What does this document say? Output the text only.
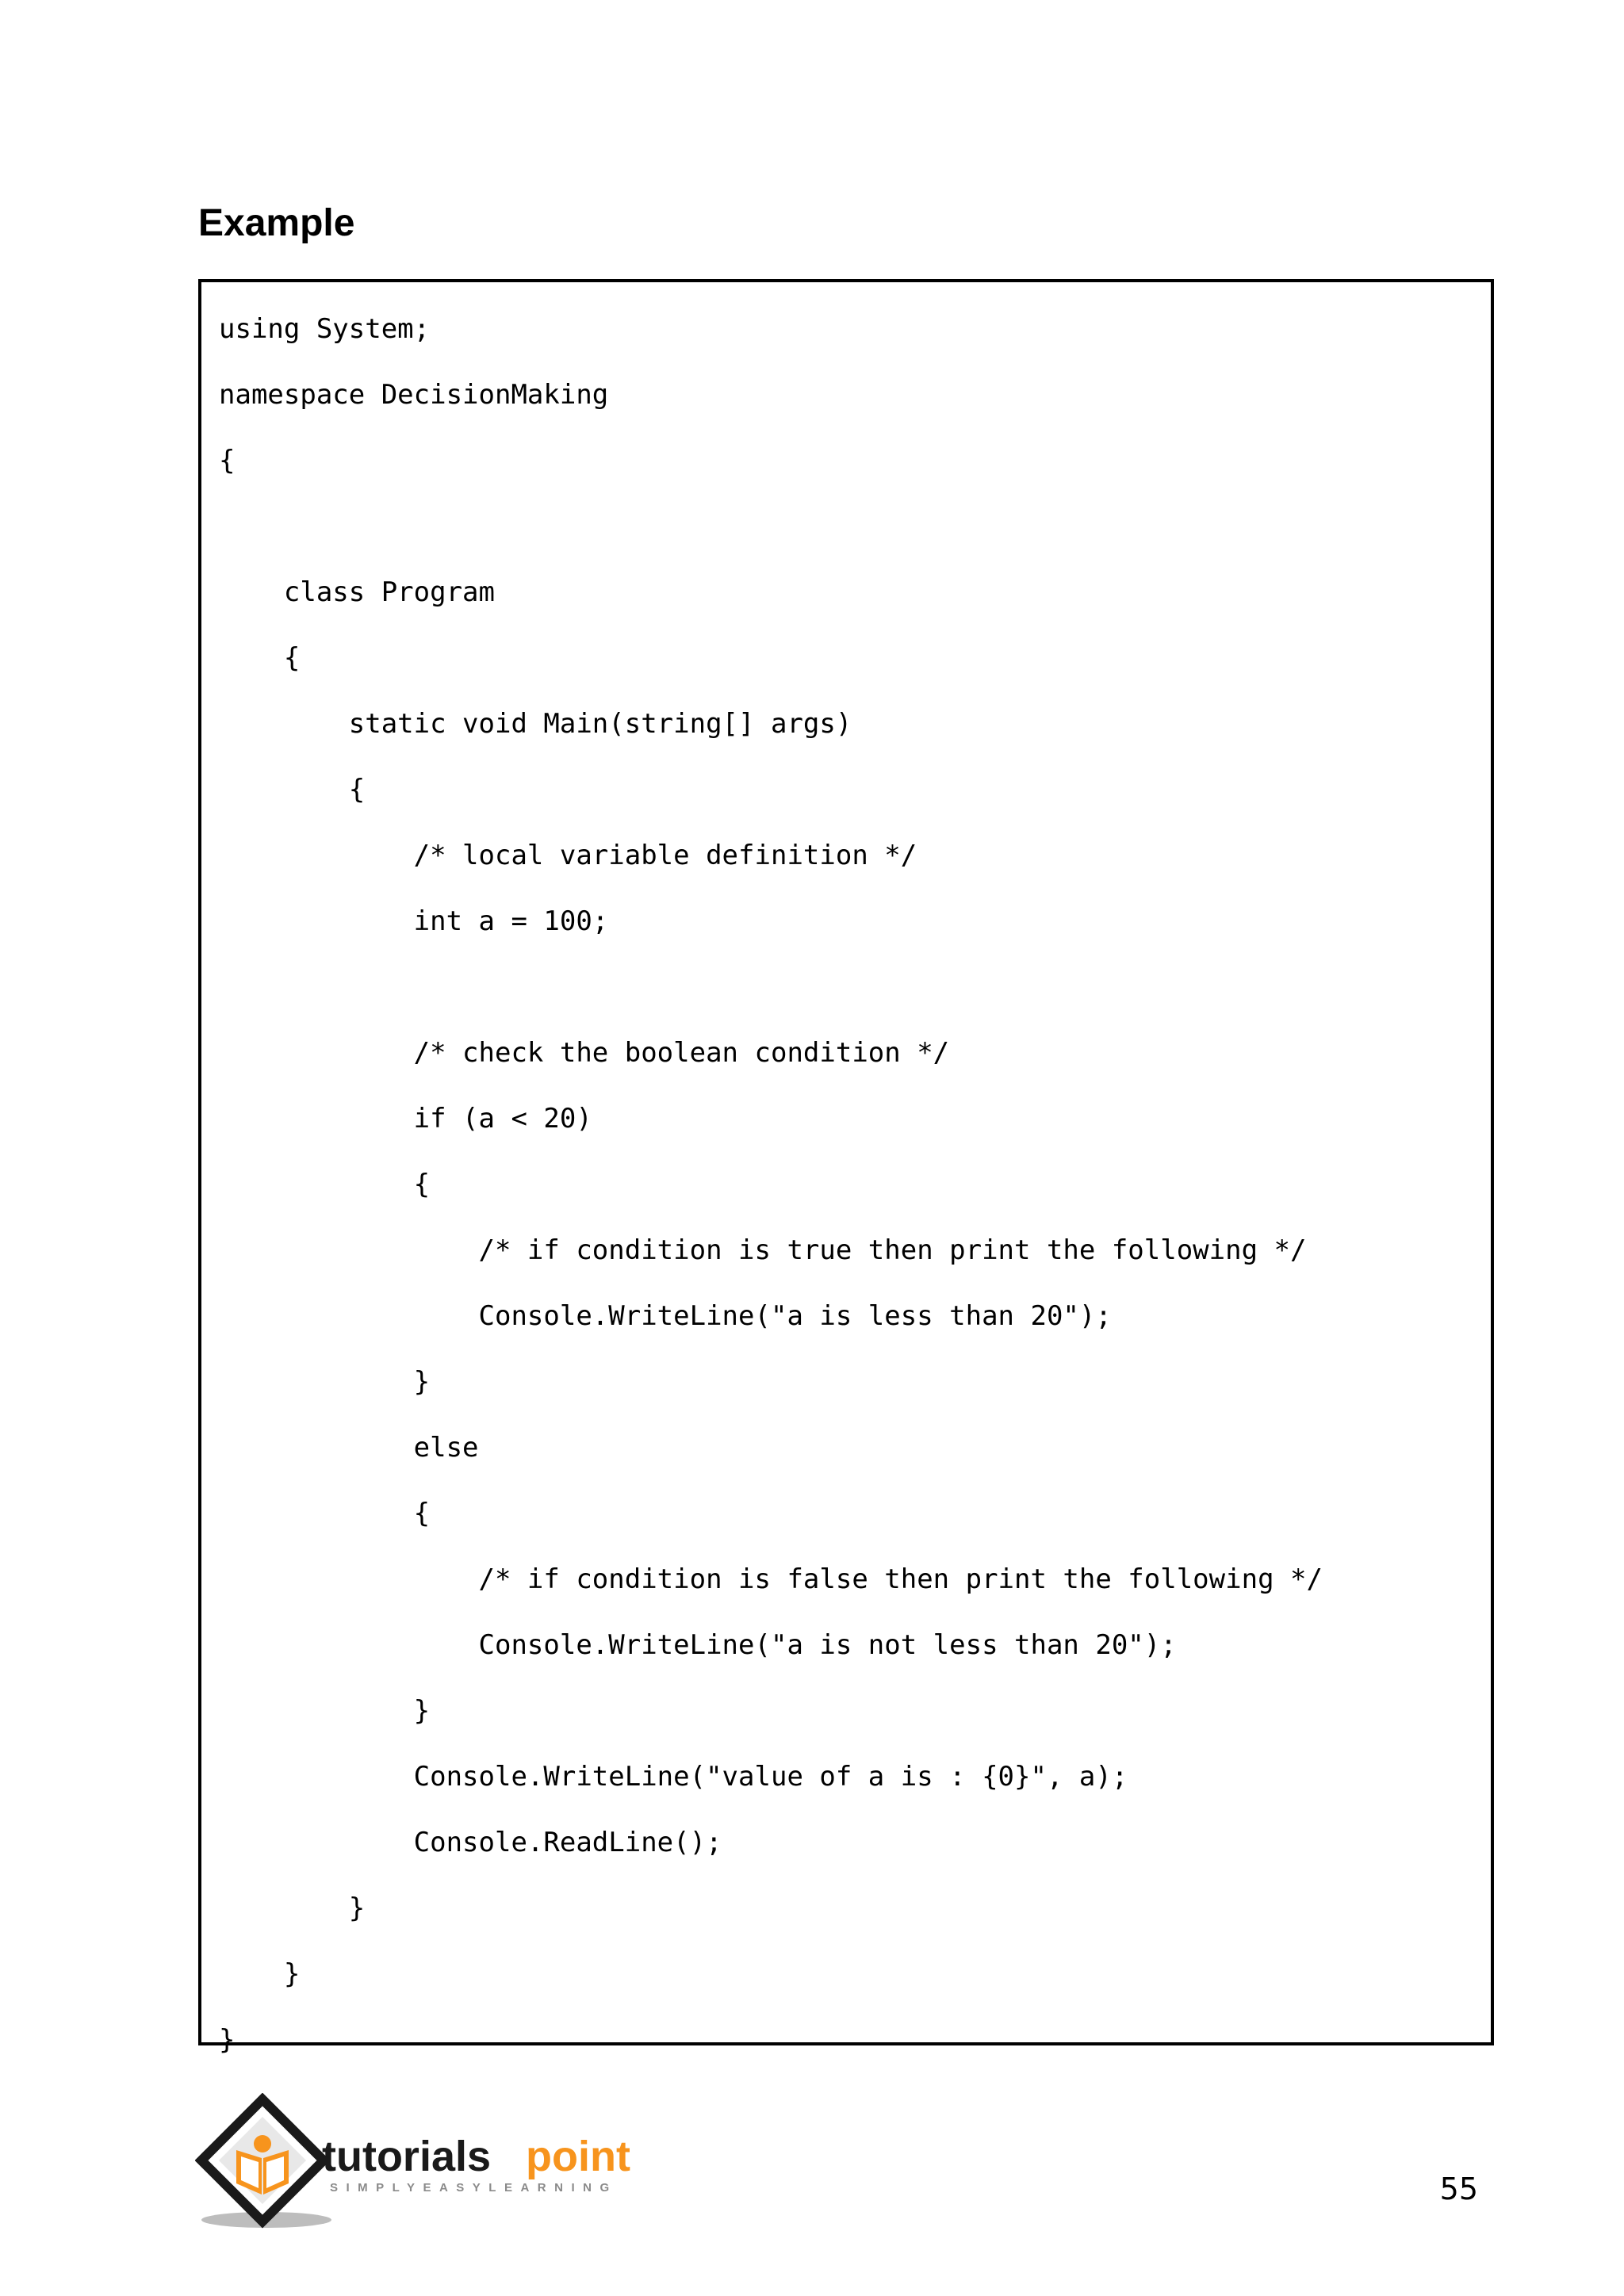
Example
using System;
namespace DecisionMaking
{
class Program
{
static void Main(string[] args)
{
/* local variable definition */
int a = 100;
/* check the boolean condition */
if (a < 20)
{
/* if condition is true then print the following */
Console.WriteLine("a is less than 20");
}
else
{
/* if condition is false then print the following */
Console.WriteLine("a is not less than 20");
}
Console.WriteLine("value of a is : {0}", a);
Console.ReadLine();
}
}
}
tutorials point
SIMPLYEASYLEARNING	55
